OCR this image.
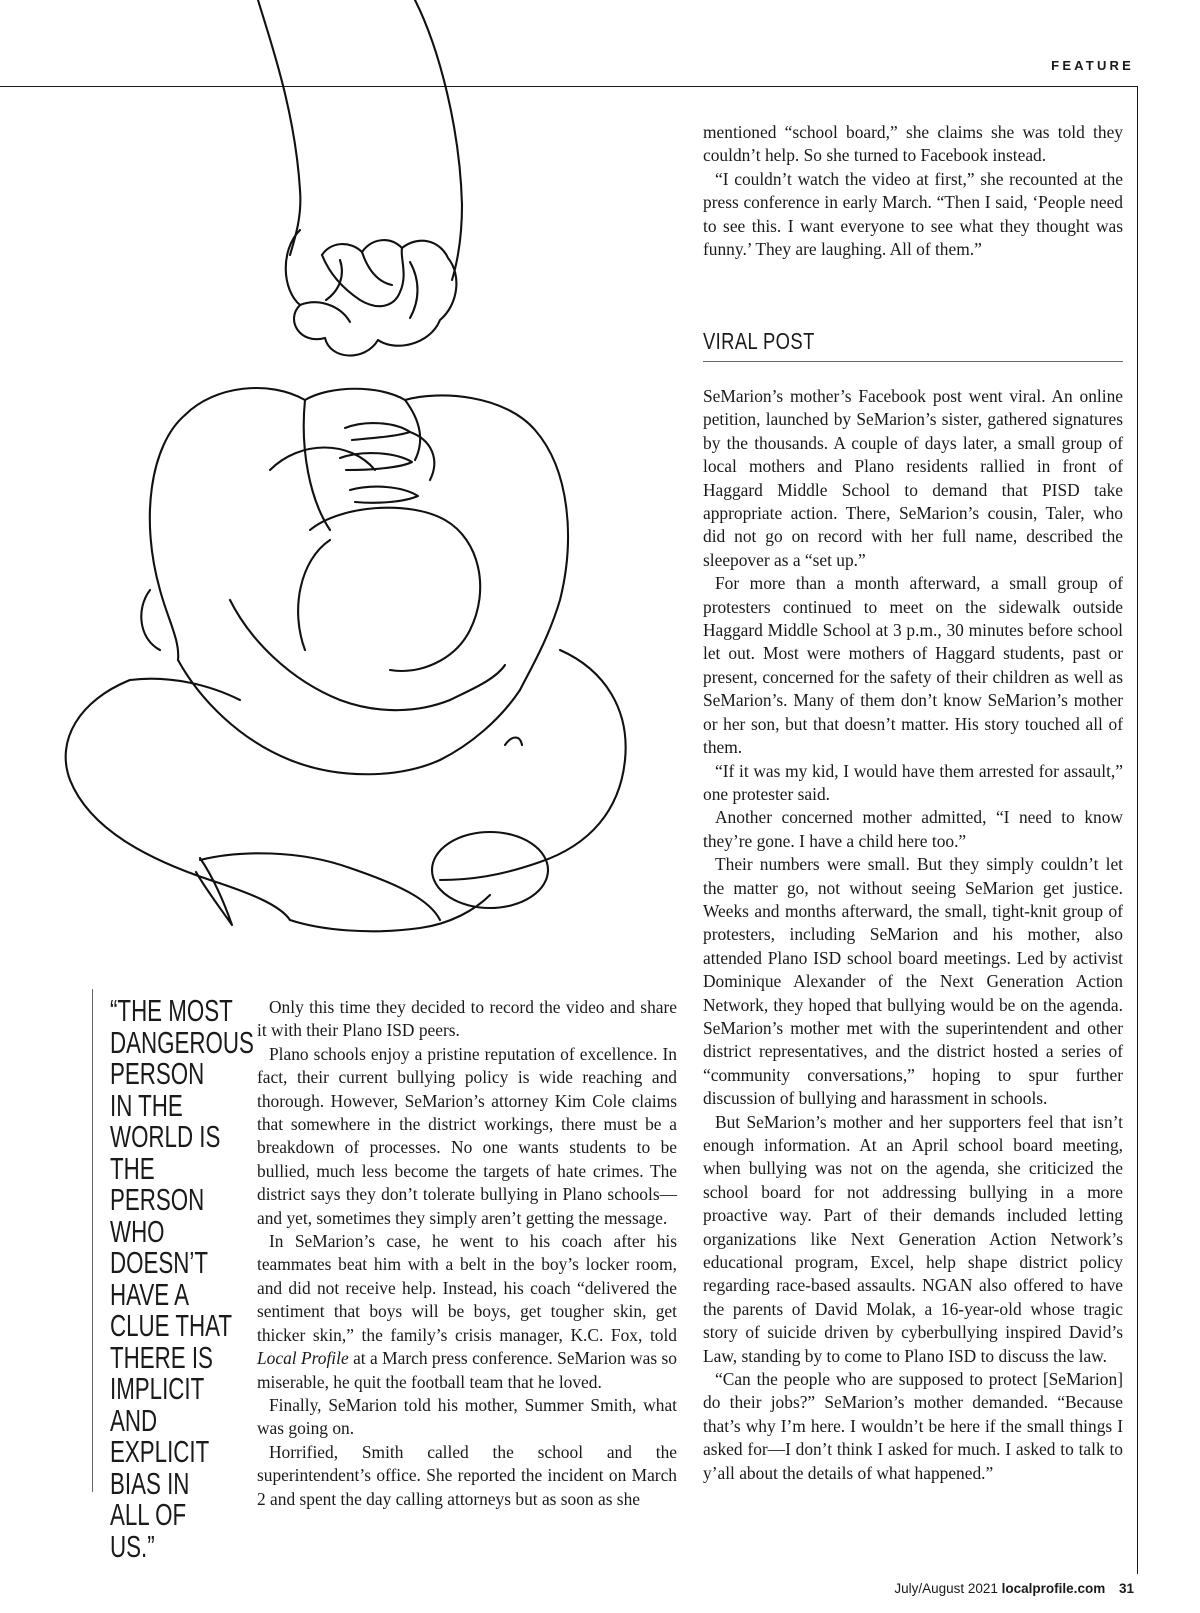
FEATURE

mentioned “school board,” she claims she was told they couldn’t help. So she turned to Facebook instead.

“I couldn’t watch the video at first,” she recounted at the press conference in early March. “Then I said, ‘People need to see this. I want everyone to see what they thought was funny.’ They are laughing. All of them.”

VIRAL POST

SeMarion’s mother’s Facebook post went viral. An online petition, launched by SeMarion’s sister, gathered signatures by the thousands. A couple of days later, a small group of local mothers and Plano residents rallied in front of Haggard Middle School to demand that PISD take appropriate action. There, SeMarion’s cousin, Taler, who did not go on record with her full name, described the sleepover as a “set up.”

For more than a month afterward, a small group of protesters continued to meet on the sidewalk outside Haggard Middle School at 3 p.m., 30 minutes before school let out. Most were mothers of Haggard students, past or present, concerned for the safety of their children as well as SeMarion’s. Many of them don’t know SeMarion’s mother or her son, but that doesn’t matter. His story touched all of them.

“If it was my kid, I would have them arrested for assault,” one protester said.

Another concerned mother admitted, “I need to know they’re gone. I have a child here too.”

Their numbers were small. But they simply couldn’t let the matter go, not without seeing SeMarion get justice. Weeks and months afterward, the small, tight-knit group of protesters, including SeMarion and his mother, also attended Plano ISD school board meetings. Led by activist Dominique Alexander of the Next Generation Action Network, they hoped that bullying would be on the agenda. SeMarion’s mother met with the superintendent and other district representatives, and the district hosted a series of “community conversations,” hoping to spur further discussion of bullying and harassment in schools.

But SeMarion’s mother and her supporters feel that isn’t enough information. At an April school board meeting, when bullying was not on the agenda, she criticized the school board for not addressing bullying in a more proactive way. Part of their demands included letting organizations like Next Generation Action Network’s educational program, Excel, help shape district policy regarding race-based assaults. NGAN also offered to have the parents of David Molak, a 16-year-old whose tragic story of suicide driven by cyberbullying inspired David’s Law, standing by to come to Plano ISD to discuss the law.

“Can the people who are supposed to protect [SeMarion] do their jobs?” SeMarion’s mother demanded. “Because that’s why I’m here. I wouldn’t be here if the small things I asked for—I don’t think I asked for much. I asked to talk to y’all about the details of what happened.”

“THE MOST DANGEROUS PERSON IN THE WORLD IS THE PERSON WHO DOESN’T HAVE A CLUE THAT THERE IS IMPLICIT AND EXPLICIT BIAS IN ALL OF US.”

Only this time they decided to record the video and share it with their Plano ISD peers.

Plano schools enjoy a pristine reputation of excellence. In fact, their current bullying policy is wide reaching and thorough. However, SeMarion’s attorney Kim Cole claims that somewhere in the district workings, there must be a breakdown of processes. No one wants students to be bullied, much less become the targets of hate crimes. The district says they don’t tolerate bullying in Plano schools—and yet, sometimes they simply aren’t getting the message.

In SeMarion’s case, he went to his coach after his teammates beat him with a belt in the boy’s locker room, and did not receive help. Instead, his coach “delivered the sentiment that boys will be boys, get tougher skin, get thicker skin,” the family’s crisis manager, K.C. Fox, told Local Profile at a March press conference. SeMarion was so miserable, he quit the football team that he loved.

Finally, SeMarion told his mother, Summer Smith, what was going on.

Horrified, Smith called the school and the superintendent’s office. She reported the incident on March 2 and spent the day calling attorneys but as soon as she

July/August 2021 localprofile.com 31
